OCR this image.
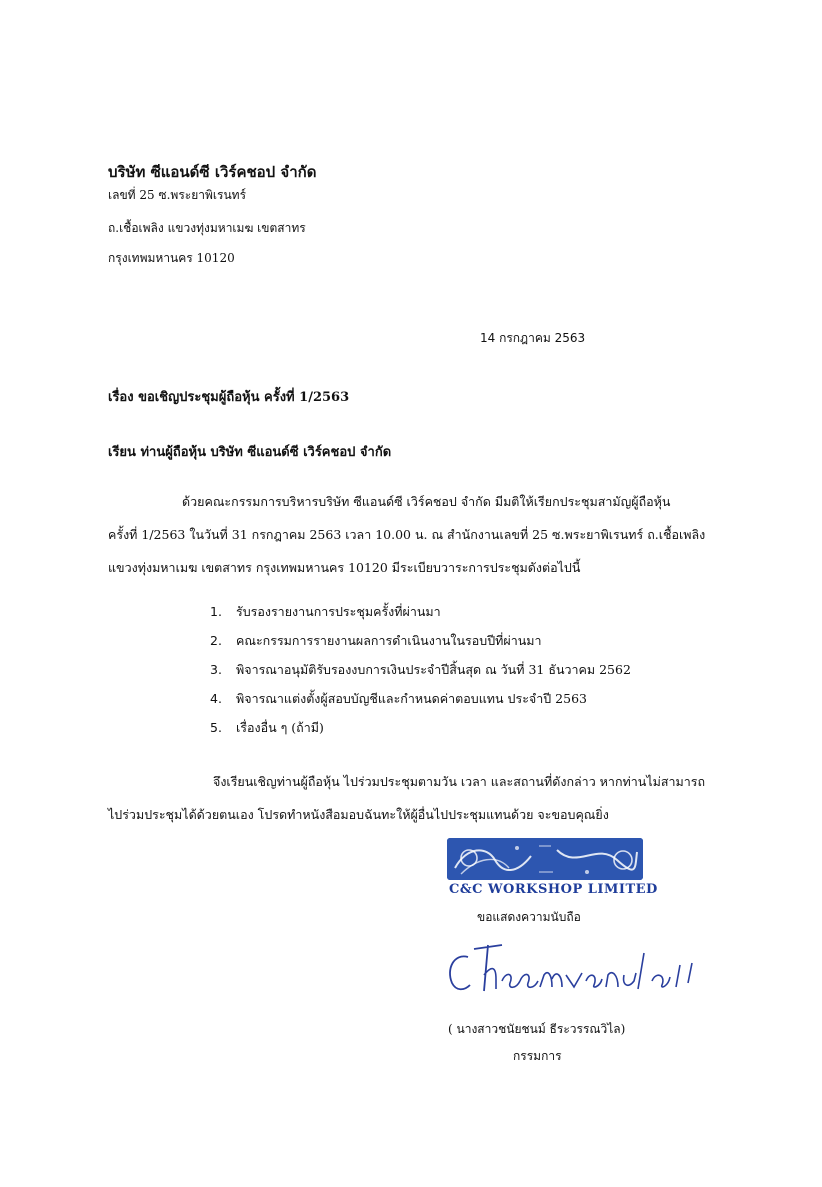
บริษัท ซีแอนด์ซี เวิร์คชอป จำกัด
เลขที่ 25 ซ.พระยาพิเรนทร์
ถ.เชื้อเพลิง แขวงทุ่งมหาเมฆ เขตสาทร
กรุงเทพมหานคร 10120
14 กรกฎาคม 2563
เรื่อง ขอเชิญประชุมผู้ถือหุ้น ครั้งที่ 1/2563
เรียน ท่านผู้ถือหุ้น บริษัท ซีแอนด์ซี เวิร์คชอป จำกัด
ด้วยคณะกรรมการบริหารบริษัท ซีแอนด์ซี เวิร์คชอป จำกัด มีมติให้เรียกประชุมสามัญผู้ถือหุ้น
ครั้งที่ 1/2563 ในวันที่ 31 กรกฎาคม 2563 เวลา 10.00 น. ณ สำนักงานเลขที่ 25 ซ.พระยาพิเรนทร์ ถ.เชื้อเพลิง
แขวงทุ่งมหาเมฆ เขตสาทร กรุงเทพมหานคร 10120 มีระเบียบวาระการประชุมดังต่อไปนี้
1.	รับรองรายงานการประชุมครั้งที่ผ่านมา
2.	คณะกรรมการรายงานผลการดำเนินงานในรอบปีที่ผ่านมา
3.	พิจารณาอนุมัติรับรองงบการเงินประจำปีสิ้นสุด ณ วันที่ 31 ธันวาคม 2562
4.	พิจารณาแต่งตั้งผู้สอบบัญชีและกำหนดค่าตอบแทน ประจำปี 2563
5.	เรื่องอื่น ๆ (ถ้ามี)
จึงเรียนเชิญท่านผู้ถือหุ้น ไปร่วมประชุมตามวัน เวลา และสถานที่ดังกล่าว หากท่านไม่สามารถ
ไปร่วมประชุมได้ด้วยตนเอง โปรดทำหนังสือมอบฉันทะให้ผู้อื่นไปประชุมแทนด้วย จะขอบคุณยิ่ง
C&C WORKSHOP LIMITED
ขอแสดงความนับถือ
( นางสาวชนัยชนม์ ธีระวรรณวิไล)
กรรมการ
